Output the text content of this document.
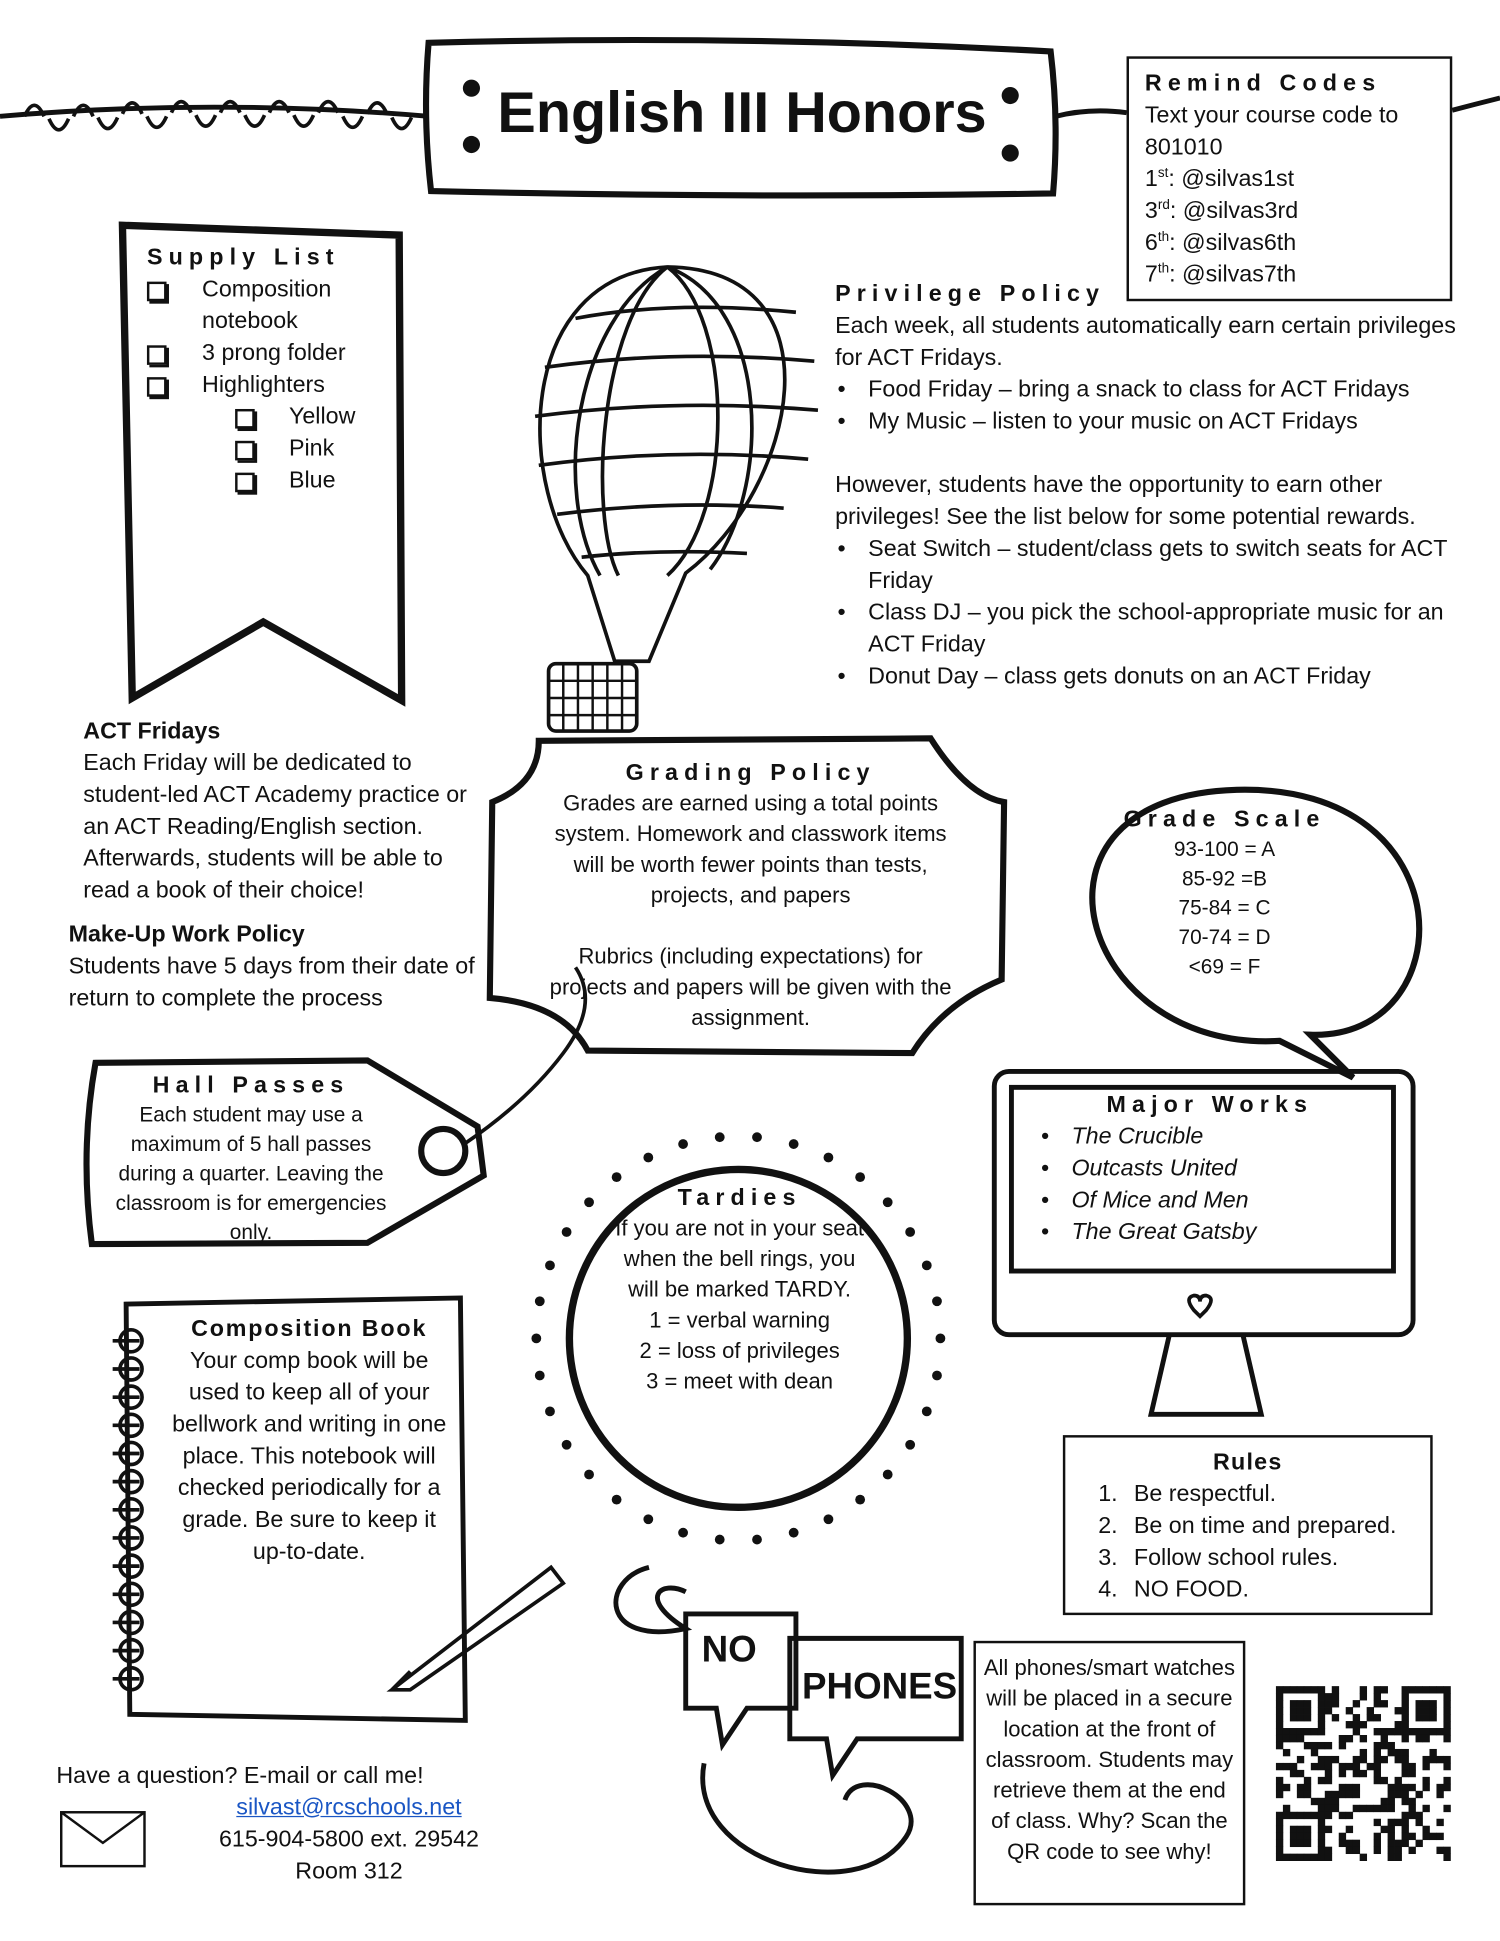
English III Honors	Remind Codes
Text your course code to
801010
1st: @silvas1st
3rd: @silvas3rd
6th: @silvas6th
7th: @silvas7th
Supply List
Composition notebook
3 prong folder
Highlighters
Yellow
Pink
Blue
Privilege Policy
Each week, all students automatically earn certain privileges for ACT Fridays.
• Food Friday – bring a snack to class for ACT Fridays
• My Music – listen to your music on ACT Fridays
However, students have the opportunity to earn other privileges! See the list below for some potential rewards.
• Seat Switch – student/class gets to switch seats for ACT Friday
• Class DJ – you pick the school-appropriate music for an ACT Friday
• Donut Day – class gets donuts on an ACT Friday
ACT Fridays
Each Friday will be dedicated to student-led ACT Academy practice or an ACT Reading/English section. Afterwards, students will be able to read a book of their choice!
Make-Up Work Policy
Students have 5 days from their date of return to complete the process
Grading Policy
Grades are earned using a total points system. Homework and classwork items will be worth fewer points than tests, projects, and papers
Rubrics (including expectations) for projects and papers will be given with the assignment.
Grade Scale
93-100 = A
85-92 =B
75-84 = C
70-74 = D
<69 = F
Hall Passes
Each student may use a maximum of 5 hall passes during a quarter. Leaving the classroom is for emergencies only.
Tardies
If you are not in your seat when the bell rings, you will be marked TARDY.
1 = verbal warning
2 = loss of privileges
3 = meet with dean
Major Works
• The Crucible
• Outcasts United
• Of Mice and Men
• The Great Gatsby
Composition Book
Your comp book will be used to keep all of your bellwork and writing in one place. This notebook will checked periodically for a grade. Be sure to keep it up-to-date.
Rules
1. Be respectful.
2. Be on time and prepared.
3. Follow school rules.
4. NO FOOD.
NO
PHONES All phones/smart watches will be placed in a secure location at the front of classroom. Students may retrieve them at the end of class. Why? Scan the QR code to see why!
Have a question? E-mail or call me!
silvast@rcschools.net
615-904-5800 ext. 29542
Room 312
